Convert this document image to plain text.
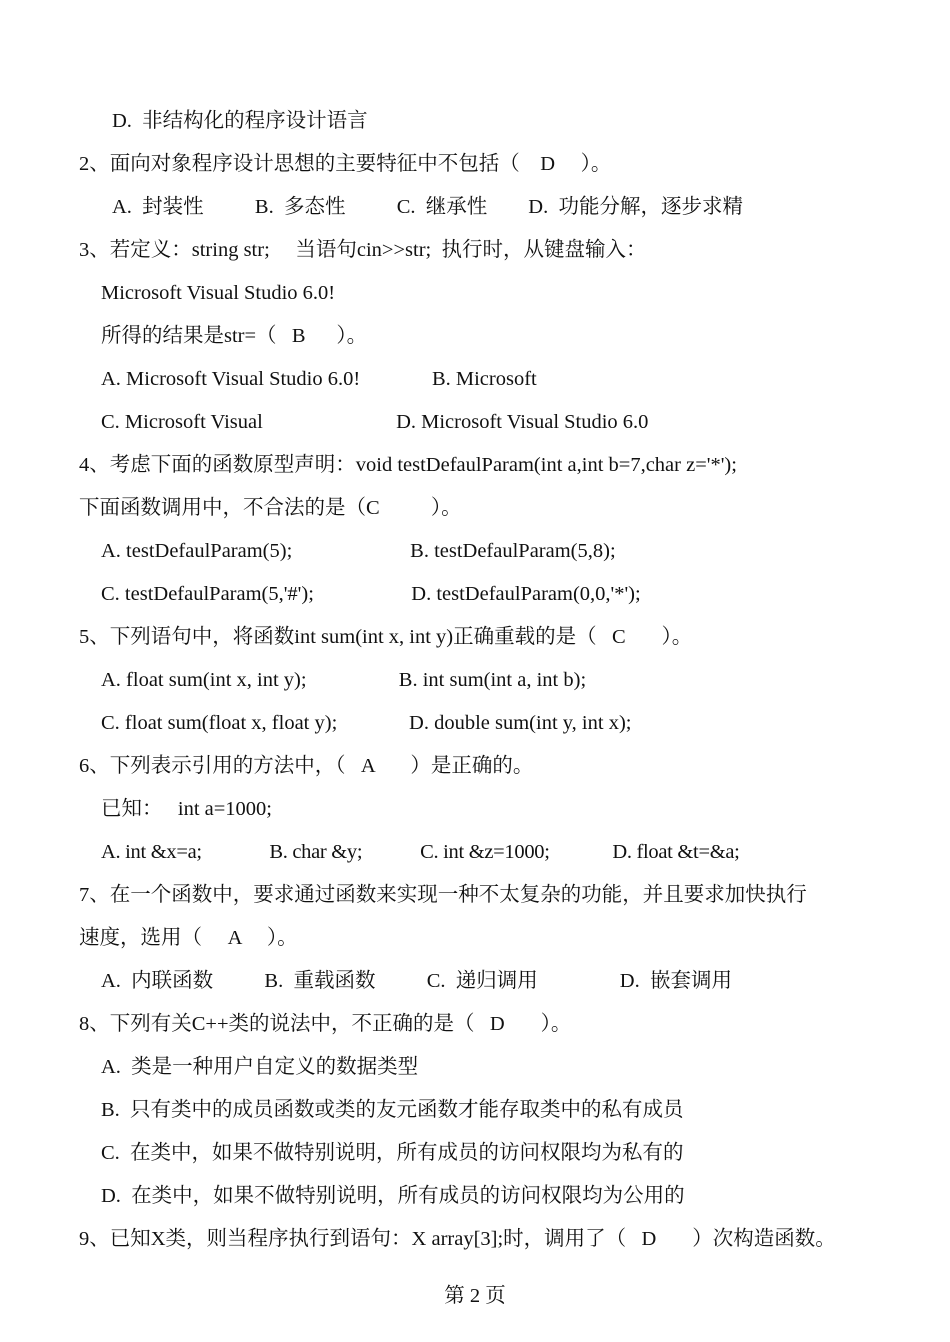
D.  非结构化的程序设计语言
2、面向对象程序设计思想的主要特征中不包括（    D     ）。
A.  封装性          B.  多态性          C.  继承性        D.  功能分解，逐步求精
3、若定义：string str;     当语句cin>>str;  执行时，从键盘输入：
Microsoft Visual Studio 6.0!
所得的结果是str=（   B      ）。
A. Microsoft Visual Studio 6.0!              B. Microsoft
C. Microsoft Visual                          D. Microsoft Visual Studio 6.0
4、考虑下面的函数原型声明：void testDefaulParam(int a,int b=7,char z='*');
下面函数调用中，不合法的是（C          ）。
A. testDefaulParam(5);                       B. testDefaulParam(5,8);
C. testDefaulParam(5,'#');                   D. testDefaulParam(0,0,'*');
5、下列语句中，将函数int sum(int x, int y)正确重载的是（   C       ）。
A. float sum(int x, int y);                  B. int sum(int a, int b);
C. float sum(float x, float y);              D. double sum(int y, int x);
6、下列表示引用的方法中，（   A       ）是正确的。
已知：   int a=1000;
A. int &x=a;              B. char &y;            C. int &z=1000;             D. float &t=&a;
7、在一个函数中，要求通过函数来实现一种不太复杂的功能，并且要求加快执行
速度，选用（     A     ）。
A.  内联函数          B.  重载函数          C.  递归调用                D.  嵌套调用
8、下列有关C++类的说法中，不正确的是（   D       ）。
A.  类是一种用户自定义的数据类型
B.  只有类中的成员函数或类的友元函数才能存取类中的私有成员
C.  在类中，如果不做特别说明，所有成员的访问权限均为私有的
D.  在类中，如果不做特别说明，所有成员的访问权限均为公用的
9、已知X类，则当程序执行到语句：X array[3];时，调用了（   D       ）次构造函数。
第 2 页
